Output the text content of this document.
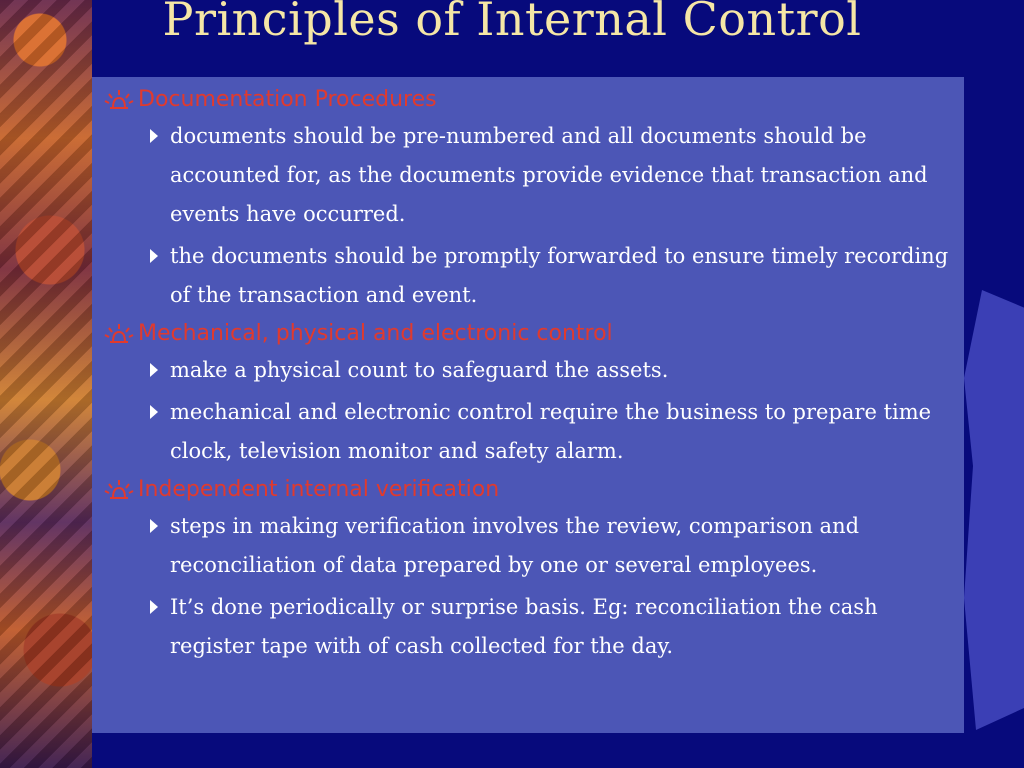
Principles of Internal Control
Documentation Procedures
documents should be pre-numbered and all documents should be accounted for, as the documents provide evidence that transaction and events have occurred.
the documents should be promptly forwarded to ensure timely recording of the transaction and event.
Mechanical, physical and electronic control
make a physical count to safeguard the assets.
mechanical and electronic control require the business to prepare time clock, television monitor and safety alarm.
Independent internal verification
steps in making verification involves the review, comparison and reconciliation of data prepared by one or several employees.
It’s done periodically or surprise basis. Eg: reconciliation the cash register tape with of cash collected for the day.
